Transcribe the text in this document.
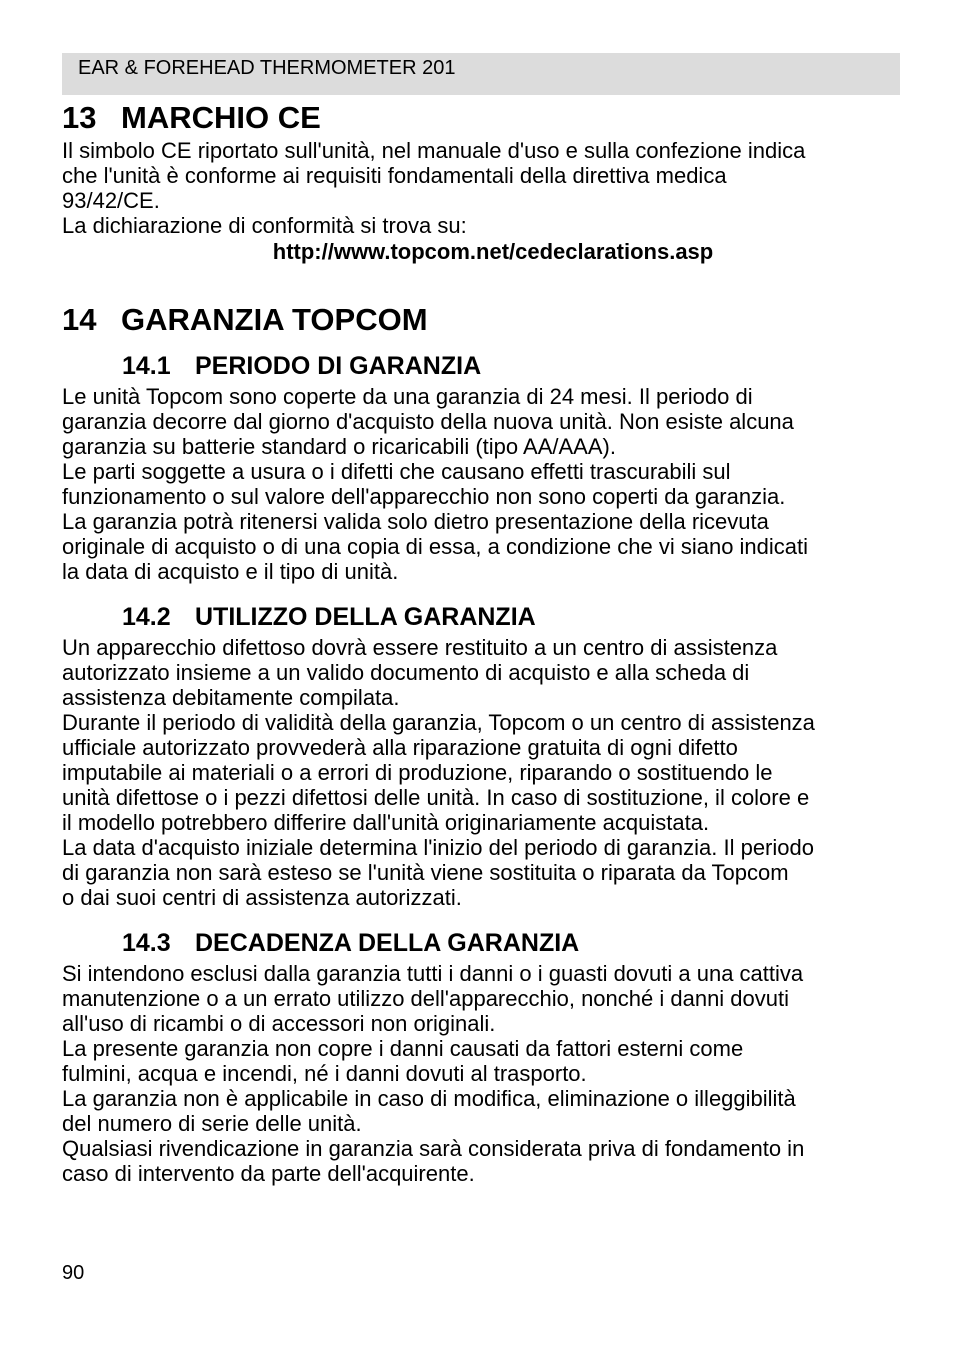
EAR & FOREHEAD THERMOMETER 201
13 MARCHIO CE

Il simbolo CE riportato sull'unità, nel manuale d'uso e sulla confezione indica
che l'unità è conforme ai requisiti fondamentali della direttiva medica
93/42/CE.
La dichiarazione di conformità si trova su:

http://www.topcom.net/cedeclarations.asp

14 GARANZIA TOPCOM
14.1 PERIODO DI GARANZIA

Le unità Topcom sono coperte da una garanzia di 24 mesi. Il periodo di
garanzia decorre dal giorno d'acquisto della nuova unità. Non esiste alcuna
garanzia su batterie standard o ricaricabili (tipo AA/AAA).
Le parti soggette a usura o i difetti che causano effetti trascurabili sul
funzionamento o sul valore dell'apparecchio non sono coperti da garanzia.
La garanzia potrà ritenersi valida solo dietro presentazione della ricevuta
originale di acquisto o di una copia di essa, a condizione che vi siano indicati
la data di acquisto e il tipo di unità.

14.2 UTILIZZO DELLA GARANZIA

Un apparecchio difettoso dovrà essere restituito a un centro di assistenza
autorizzato insieme a un valido documento di acquisto e alla scheda di
assistenza debitamente compilata.
Durante il periodo di validità della garanzia, Topcom o un centro di assistenza
ufficiale autorizzato provvederà alla riparazione gratuita di ogni difetto
imputabile ai materiali o a errori di produzione, riparando o sostituendo le
unità difettose o i pezzi difettosi delle unità. In caso di sostituzione, il colore e
il modello potrebbero differire dall'unità originariamente acquistata.
La data d'acquisto iniziale determina l'inizio del periodo di garanzia. Il periodo
di garanzia non sarà esteso se l'unità viene sostituita o riparata da Topcom
o dai suoi centri di assistenza autorizzati.

14.3 DECADENZA DELLA GARANZIA

Si intendono esclusi dalla garanzia tutti i danni o i guasti dovuti a una cattiva
manutenzione o a un errato utilizzo dell'apparecchio, nonché i danni dovuti
all'uso di ricambi o di accessori non originali.
La presente garanzia non copre i danni causati da fattori esterni come
fulmini, acqua e incendi, né i danni dovuti al trasporto.
La garanzia non è applicabile in caso di modifica, eliminazione o illeggibilità
del numero di serie delle unità.
Qualsiasi rivendicazione in garanzia sarà considerata priva di fondamento in
caso di intervento da parte dell'acquirente.

90
